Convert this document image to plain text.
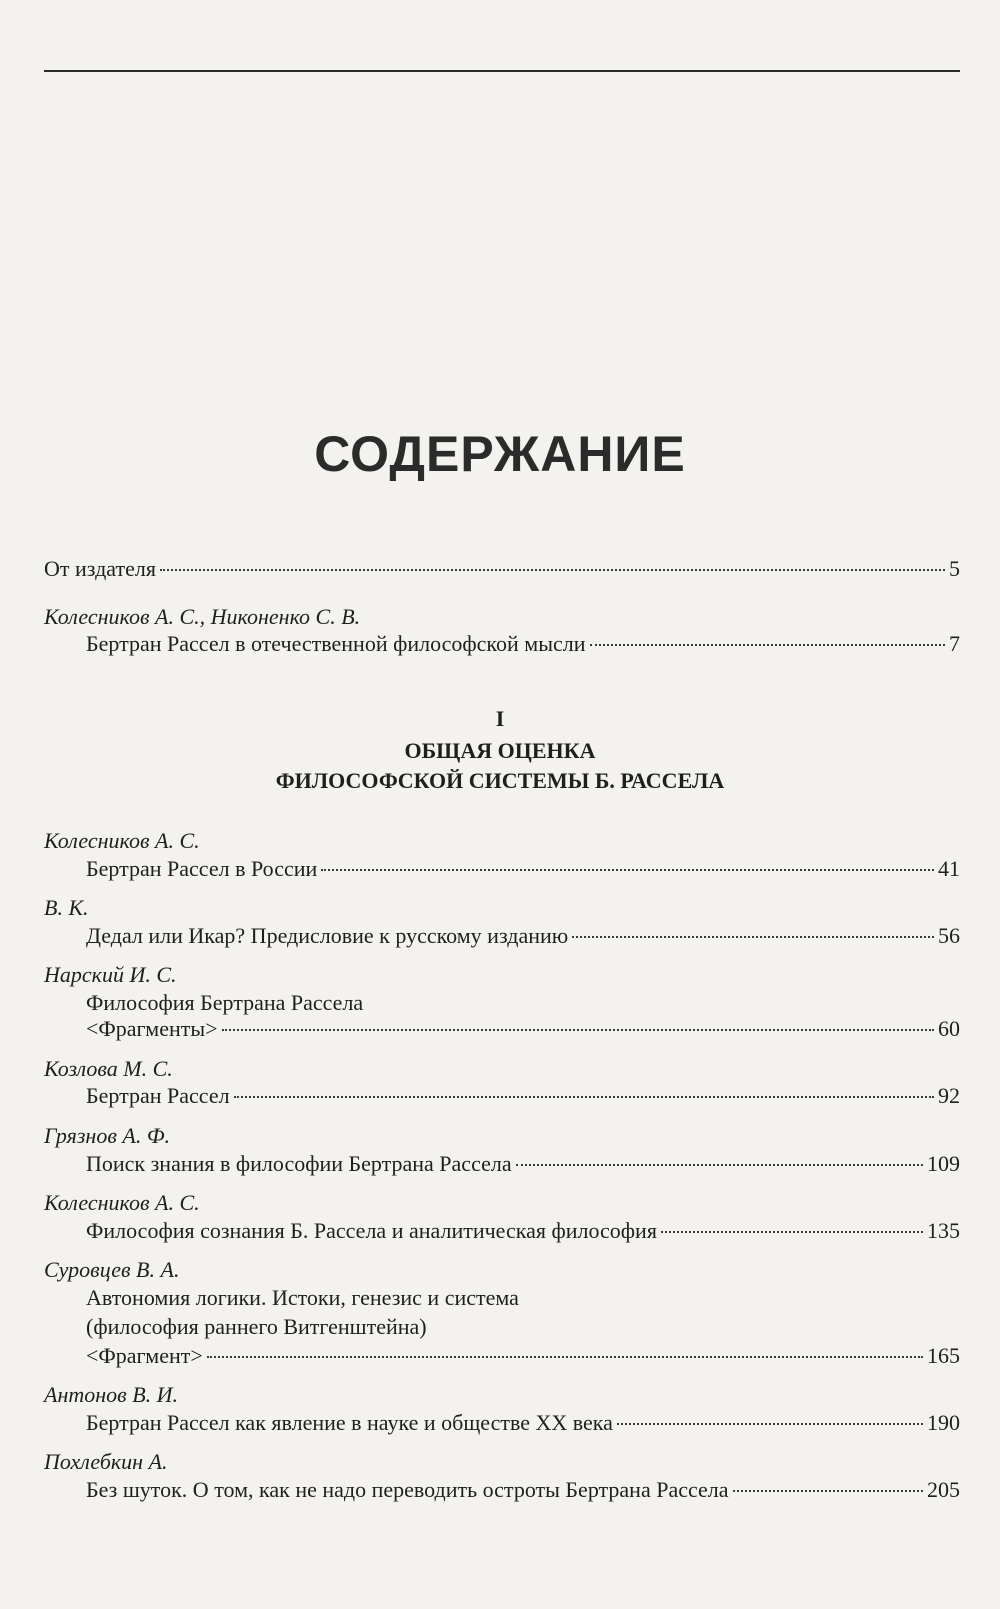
СОДЕРЖАНИЕ
От издателя	5
Колесников А. С., Никоненко С. В.
Бертран Рассел в отечественной философской мысли	7
I
ОБЩАЯ ОЦЕНКА
ФИЛОСОФСКОЙ СИСТЕМЫ Б. РАССЕЛА
Колесников А. С.
Бертран Рассел в России	41
В. К.
Дедал или Икар? Предисловие к русскому изданию	56
Нарский И. С.
Философия Бертрана Рассела
<Фрагменты>	60
Козлова М. С.
Бертран Рассел	92
Грязнов А. Ф.
Поиск знания в философии Бертрана Рассела	109
Колесников А. С.
Философия сознания Б. Рассела и аналитическая философия	135
Суровцев В. А.
Автономия логики. Истоки, генезис и система
(философия раннего Витгенштейна)
<Фрагмент>	165
Антонов В. И.
Бертран Рассел как явление в науке и обществе XX века	190
Похлебкин А.
Без шуток. О том, как не надо переводить остроты Бертрана Рассела	205
